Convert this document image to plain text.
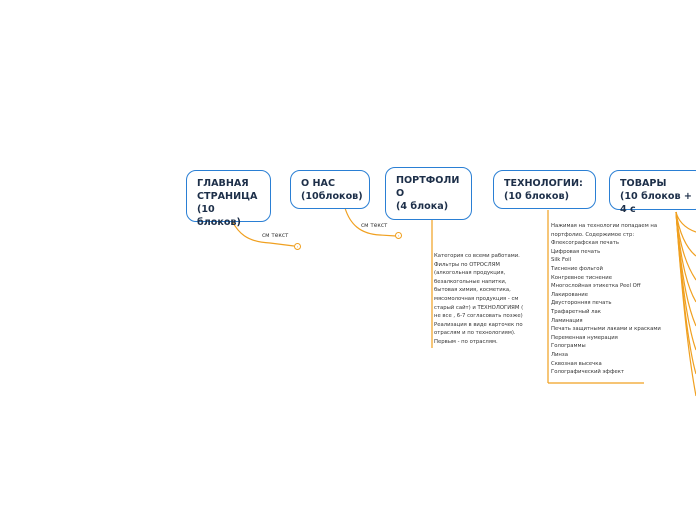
ГЛАВНАЯ
СТРАНИЦА
(10 блоков)
О НАС
(10блоков)
ПОРТФОЛИ
О
(4 блока)
ТЕХНОЛОГИИ:
(10 блоков)
ТОВАРЫ
(10 блоков + 4 с
см текст
›
см текст
›
Категория со всеми работами.
Фильтры по ОТРОСЛЯМ
(алкогольная продукция,
безалкогольные напитки,
бытовая химия, косметика,
мясомолочная продукция - см
старый сайт) и ТЕХНОЛОГИЯМ (
не все , 6-7 согласовать позже)
Реализация в виде карточек по
отраслям и по технологиям).
Первым - по отраслям.
Нажимая на технологии попадаем на
портфолио. Содержимое стр:
Флексографская печать
Цифровая печать
Silk Foil
Тиснение фольгой
Конгревное тиснение
Многослойная этикетка Peel Off
Лакирование
Двусторонняя печать
Трафаретный лак
Ламинация
Печать защитными лаками и красками
Переменная нумерация
Голограммы
Линза
Сквозная высечка
Голографический эффект
